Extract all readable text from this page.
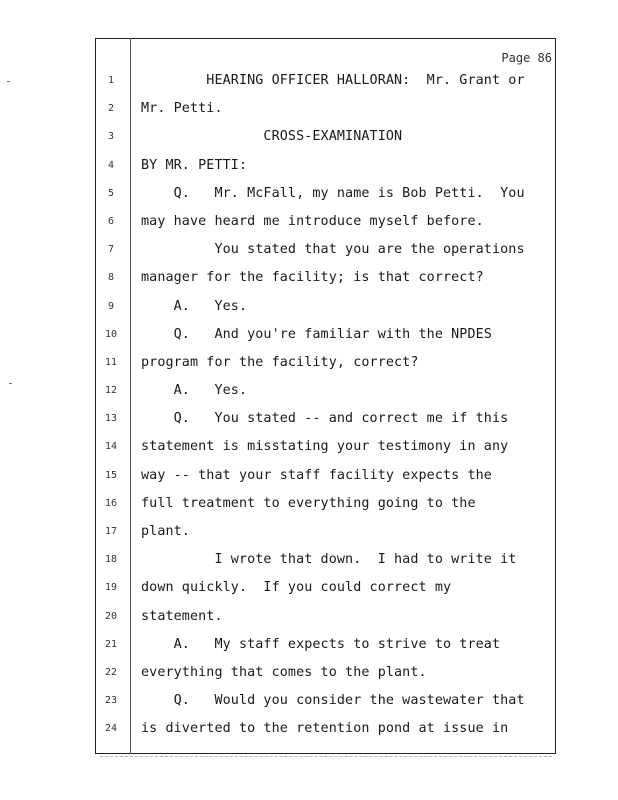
Page 86
1	HEARING OFFICER HALLORAN:  Mr. Grant or
2	Mr. Petti.
3	CROSS-EXAMINATION
4	BY MR. PETTI:
5	Q.   Mr. McFall, my name is Bob Petti.  You
6	may have heard me introduce myself before.
7	You stated that you are the operations
8	manager for the facility; is that correct?
9	A.   Yes.
10	Q.   And you're familiar with the NPDES
11	program for the facility, correct?
12	A.   Yes.
13	Q.   You stated -- and correct me if this
14	statement is misstating your testimony in any
15	way -- that your staff facility expects the
16	full treatment to everything going to the
17	plant.
18	I wrote that down.  I had to write it
19	down quickly.  If you could correct my
20	statement.
21	A.   My staff expects to strive to treat
22	everything that comes to the plant.
23	Q.   Would you consider the wastewater that
24	is diverted to the retention pond at issue in
